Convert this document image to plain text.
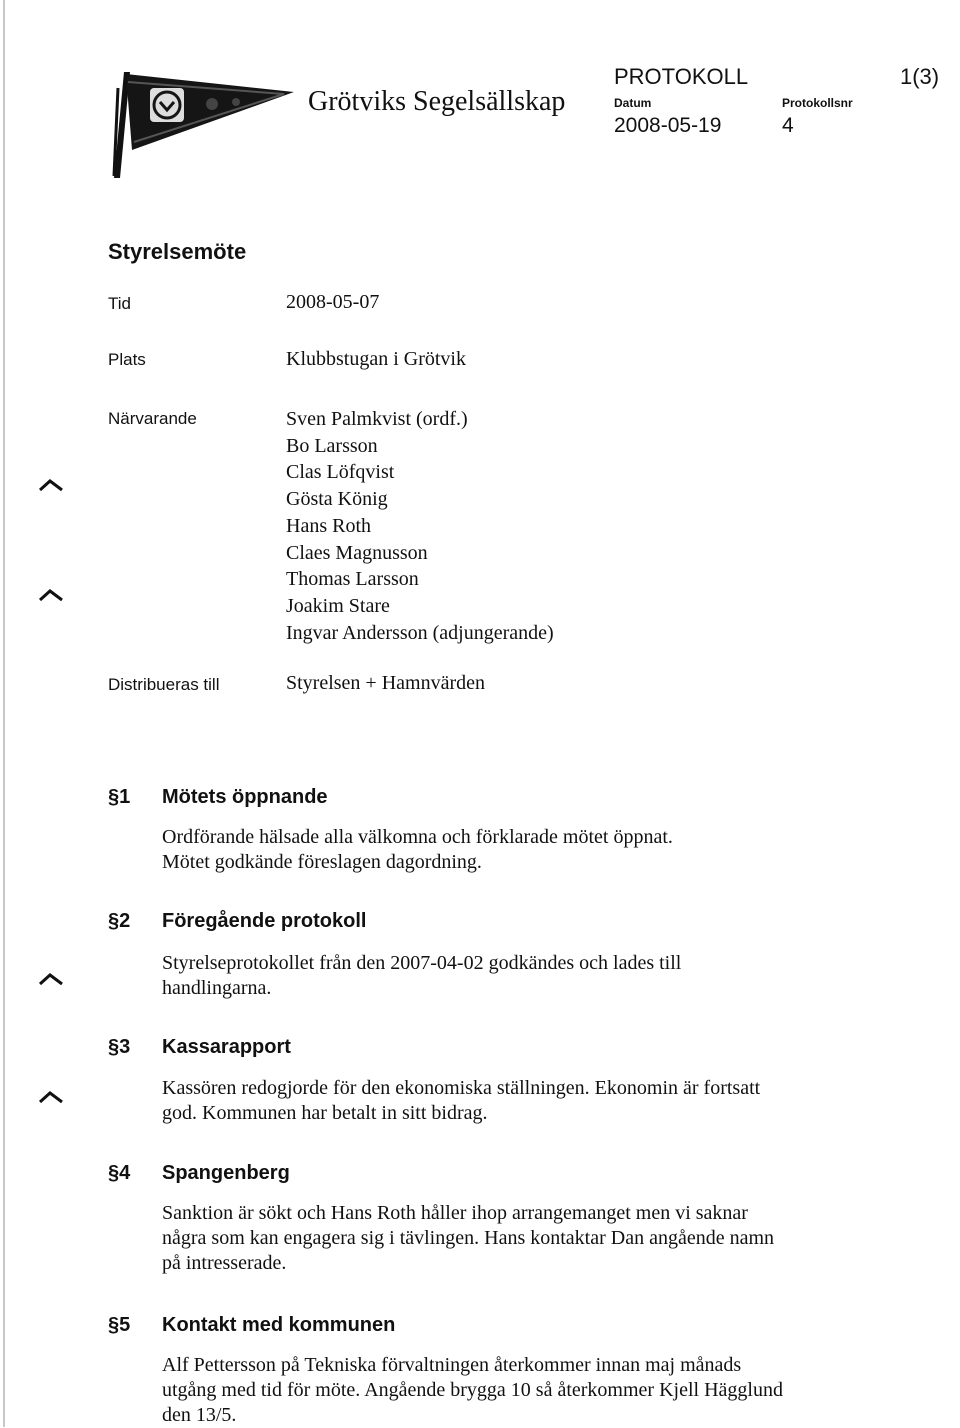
Grötviks Segelsällskap
PROTOKOLL	1(3)
Datum	Protokollsnr
2008-05-19	4
Styrelsemöte
Tid	2008-05-07
Plats	Klubbstugan i Grötvik
Närvarande	Sven Palmkvist (ordf.)
Bo Larsson
Clas Löfqvist
Gösta König
Hans Roth
Claes Magnusson
Thomas Larsson
Joakim Stare
Ingvar Andersson (adjungerande)
Distribueras till	Styrelsen + Hamnvärden
§1 Mötets öppnande
Ordförande hälsade alla välkomna och förklarade mötet öppnat.
Mötet godkände föreslagen dagordning.
§2 Föregående protokoll
Styrelseprotokollet från den 2007-04-02 godkändes och lades till
handlingarna.
§3 Kassarapport
Kassören redogjorde för den ekonomiska ställningen. Ekonomin är fortsatt
god. Kommunen har betalt in sitt bidrag.
§4 Spangenberg
Sanktion är sökt och Hans Roth håller ihop arrangemanget men vi saknar
några som kan engagera sig i tävlingen. Hans kontaktar Dan angående namn
på intresserade.
§5 Kontakt med kommunen
Alf Pettersson på Tekniska förvaltningen återkommer innan maj månads
utgång med tid för möte. Angående brygga 10 så återkommer Kjell Hägglund
den 13/5.
